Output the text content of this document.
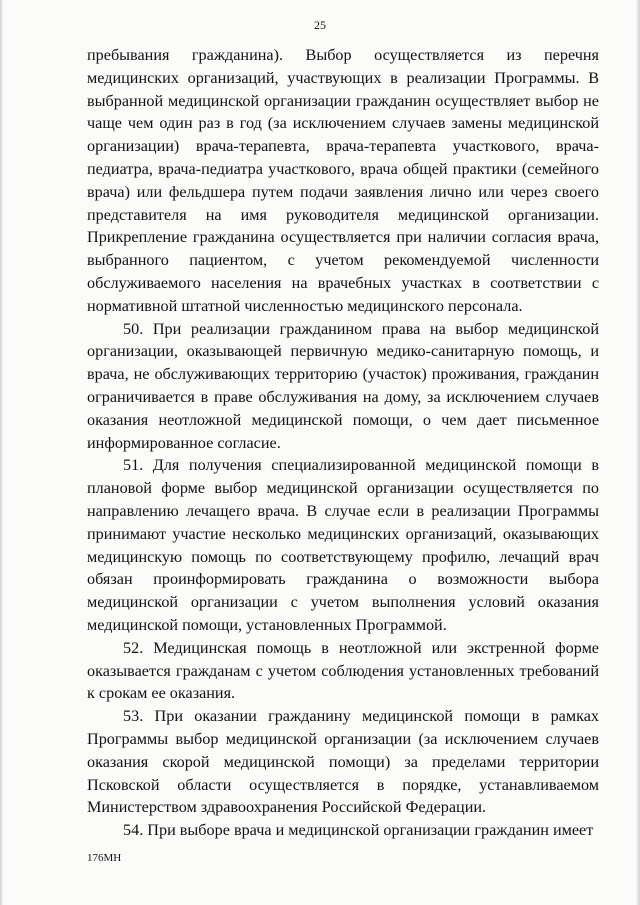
25

пребывания гражданина). Выбор осуществляется из перечня медицинских организаций, участвующих в реализации Программы. В выбранной медицинской организации гражданин осуществляет выбор не чаще чем один раз в год (за исключением случаев замены медицинской организации) врача-терапевта, врача-терапевта участкового, врача-педиатра, врача-педиатра участкового, врача общей практики (семейного врача) или фельдшера путем подачи заявления лично или через своего представителя на имя руководителя медицинской организации. Прикрепление гражданина осуществляется при наличии согласия врача, выбранного пациентом, с учетом рекомендуемой численности обслуживаемого населения на врачебных участках в соответствии с нормативной штатной численностью медицинского персонала.

50. При реализации гражданином права на выбор медицинской организации, оказывающей первичную медико-санитарную помощь, и врача, не обслуживающих территорию (участок) проживания, гражданин ограничивается в праве обслуживания на дому, за исключением случаев оказания неотложной медицинской помощи, о чем дает письменное информированное согласие.

51. Для получения специализированной медицинской помощи в плановой форме выбор медицинской организации осуществляется по направлению лечащего врача. В случае если в реализации Программы принимают участие несколько медицинских организаций, оказывающих медицинскую помощь по соответствующему профилю, лечащий врач обязан проинформировать гражданина о возможности выбора медицинской организации с учетом выполнения условий оказания медицинской помощи, установленных Программой.

52. Медицинская помощь в неотложной или экстренной форме оказывается гражданам с учетом соблюдения установленных требований к срокам ее оказания.

53. При оказании гражданину медицинской помощи в рамках Программы выбор медицинской организации (за исключением случаев оказания скорой медицинской помощи) за пределами территории Псковской области осуществляется в порядке, устанавливаемом Министерством здравоохранения Российской Федерации.

54. При выборе врача и медицинской организации гражданин имеет

176МН
